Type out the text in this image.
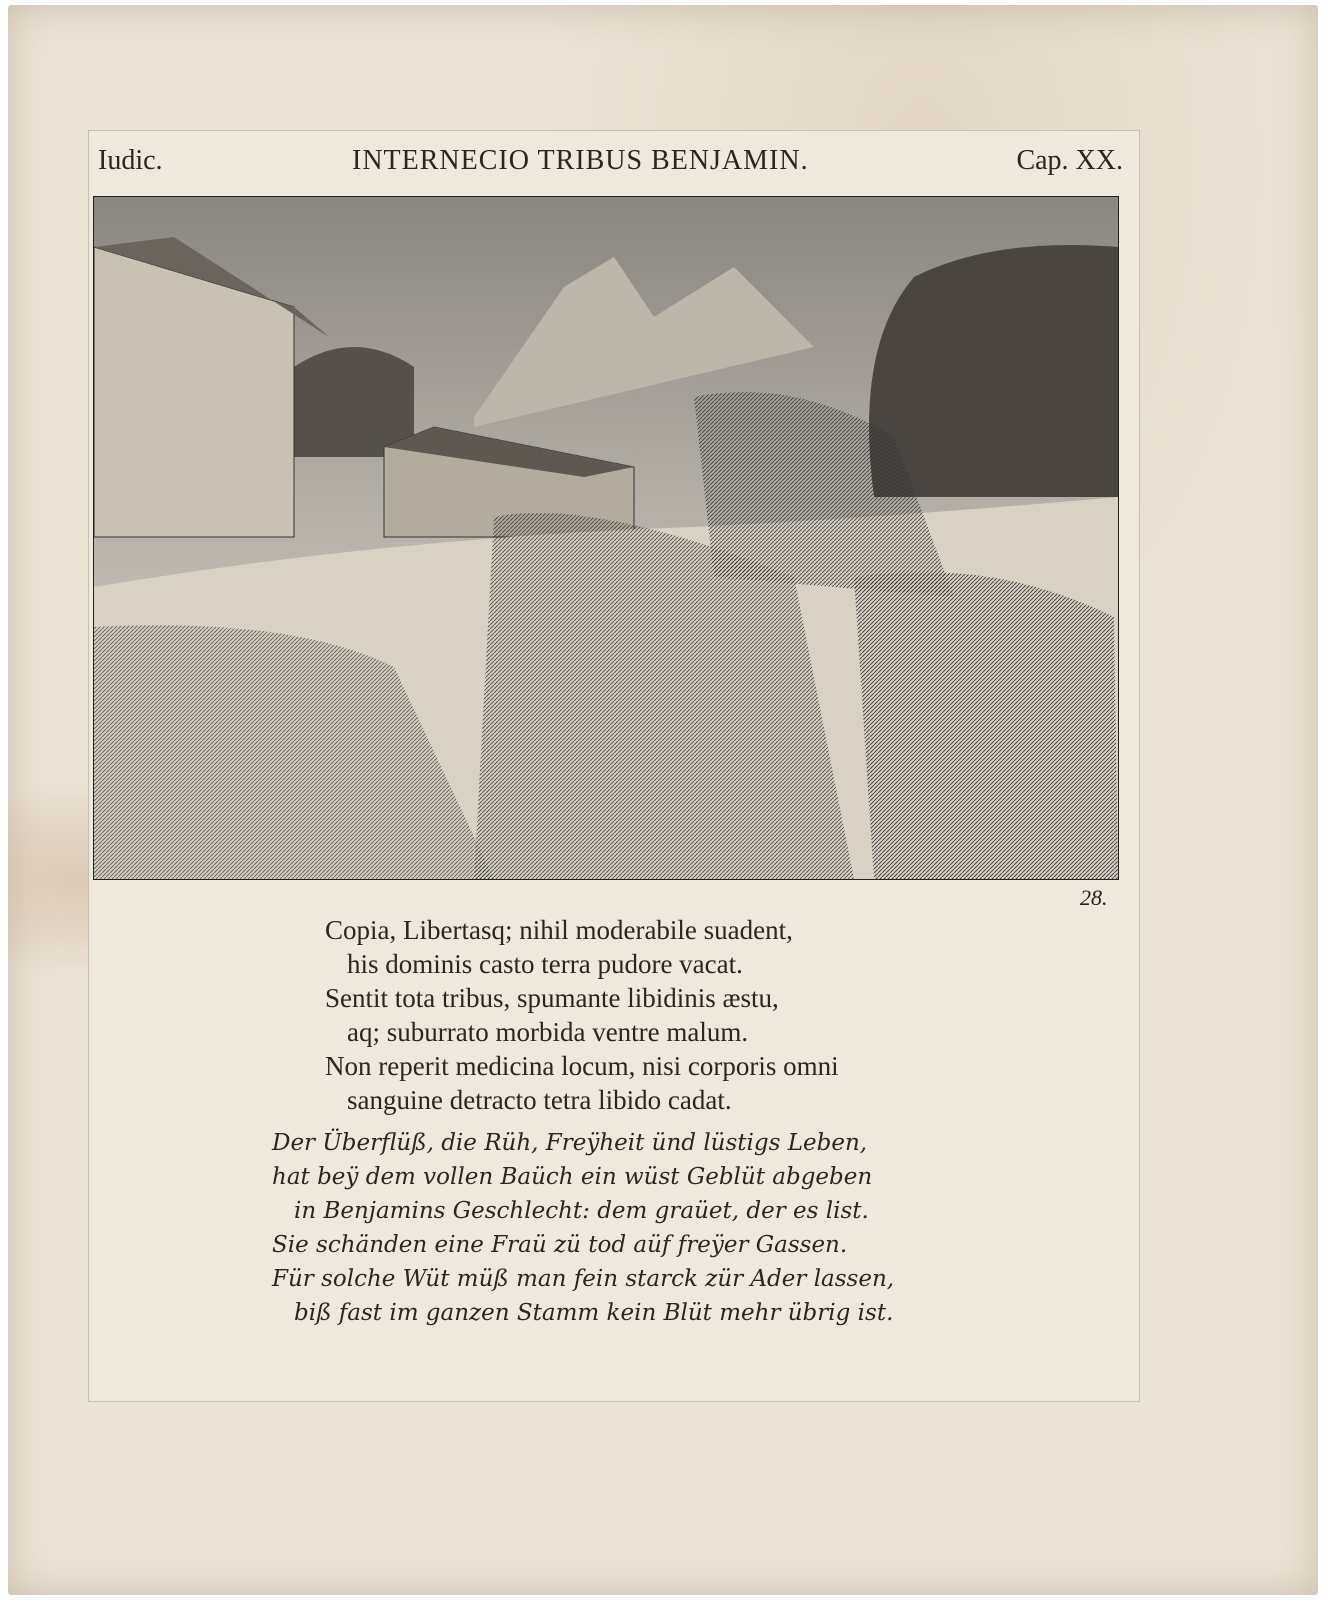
Iudic.	INTERNECIO TRIBUS BENJAMIN.	Cap. XX.
28.
Copia, Libertasq; nihil moderabile suadent,
his dominis casto terra pudore vacat.
Sentit tota tribus, spumante libidinis æstu,
aq; suburrato morbida ventre malum.
Non reperit medicina locum, nisi corporis omni
sanguine detracto tetra libido cadat.
Der Überflüß, die Rüh, Freÿheit ünd lüstigs Leben,
hat beÿ dem vollen Baüch ein wüst Geblüt abgeben
in Benjamins Geschlecht: dem graüet, der es list.
Sie schänden eine Fraü zü tod aüf freÿer Gassen.
Für solche Wüt müß man fein starck zür Ader lassen,
biß fast im ganzen Stamm kein Blüt mehr übrig ist.
